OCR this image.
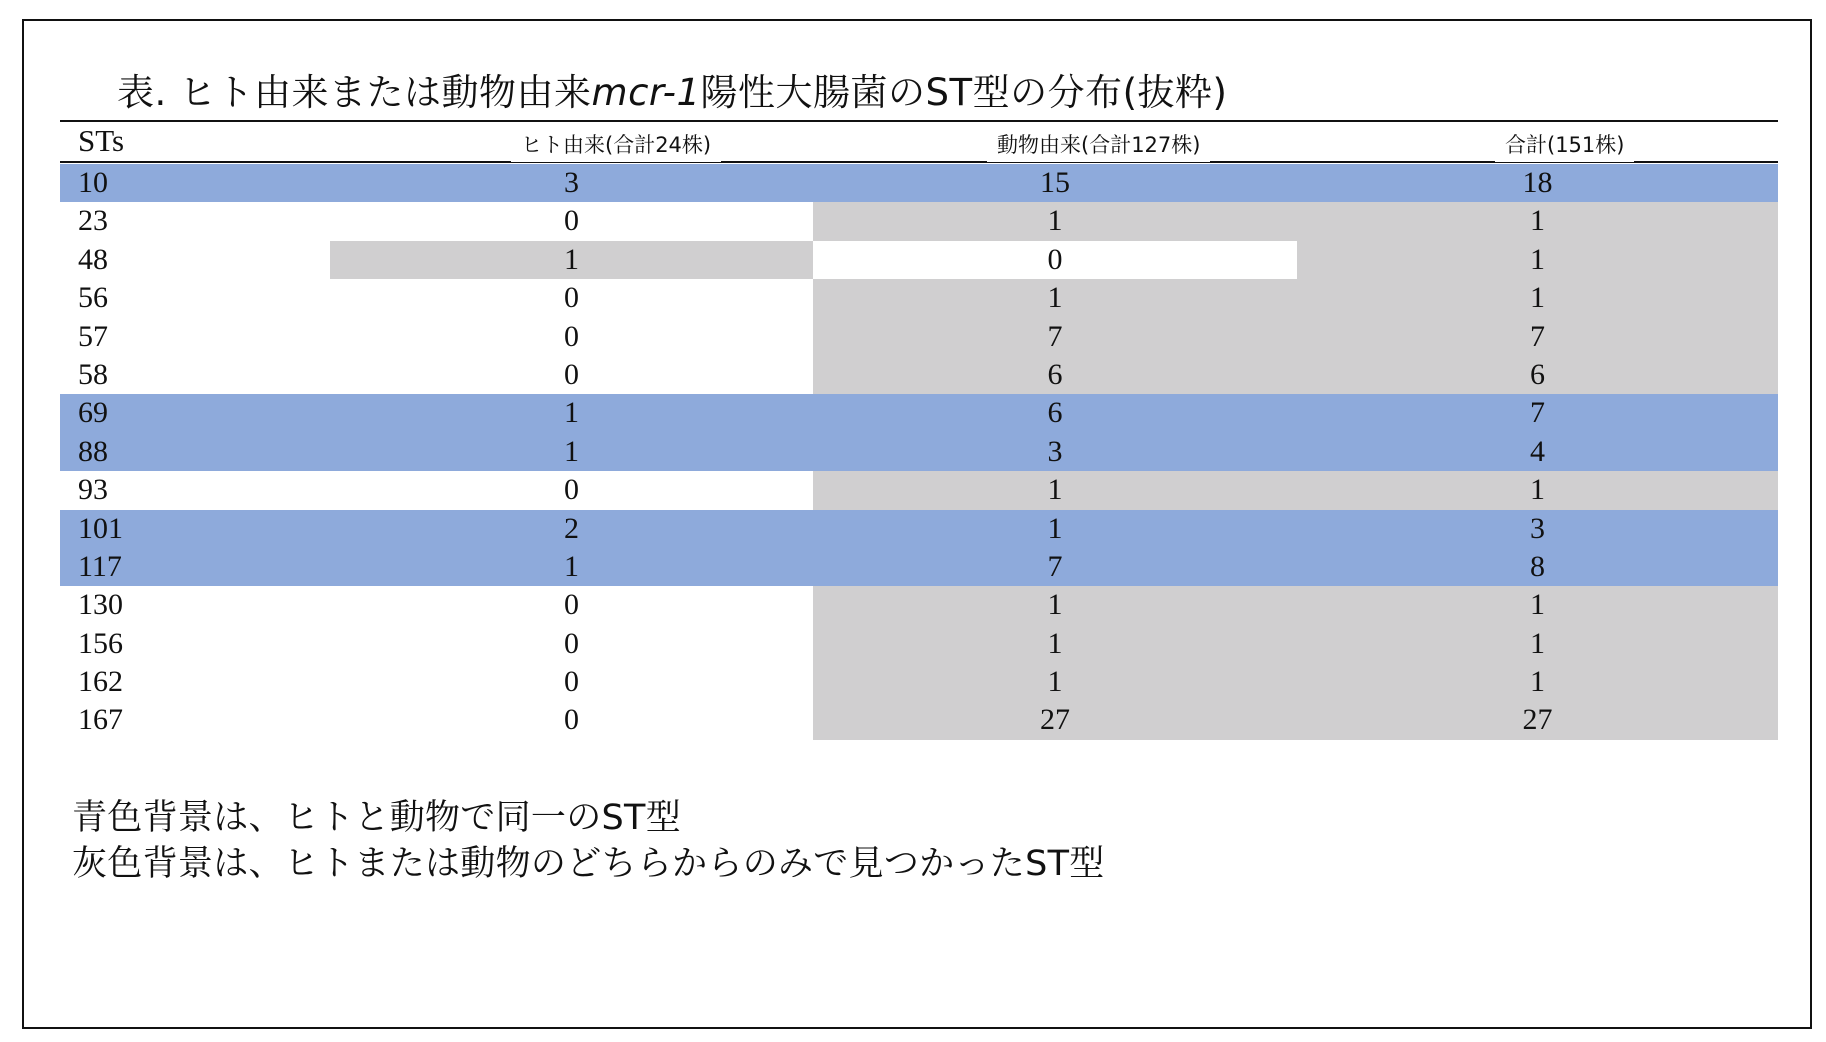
表. ヒト由来または動物由来mcr-1陽性大腸菌のST型の分布(抜粋)
STs	ヒト由来(合計24株)	動物由来(合計127株)	合計(151株)
10	3	15	18
23	0	1	1
48	1	0	1
56	0	1	1
57	0	7	7
58	0	6	6
69	1	6	7
88	1	3	4
93	0	1	1
101	2	1	3
117	1	7	8
130	0	1	1
156	0	1	1
162	0	1	1
167	0	27	27
青色背景は、ヒトと動物で同一のST型
灰色背景は、ヒトまたは動物のどちらからのみで見つかったST型
